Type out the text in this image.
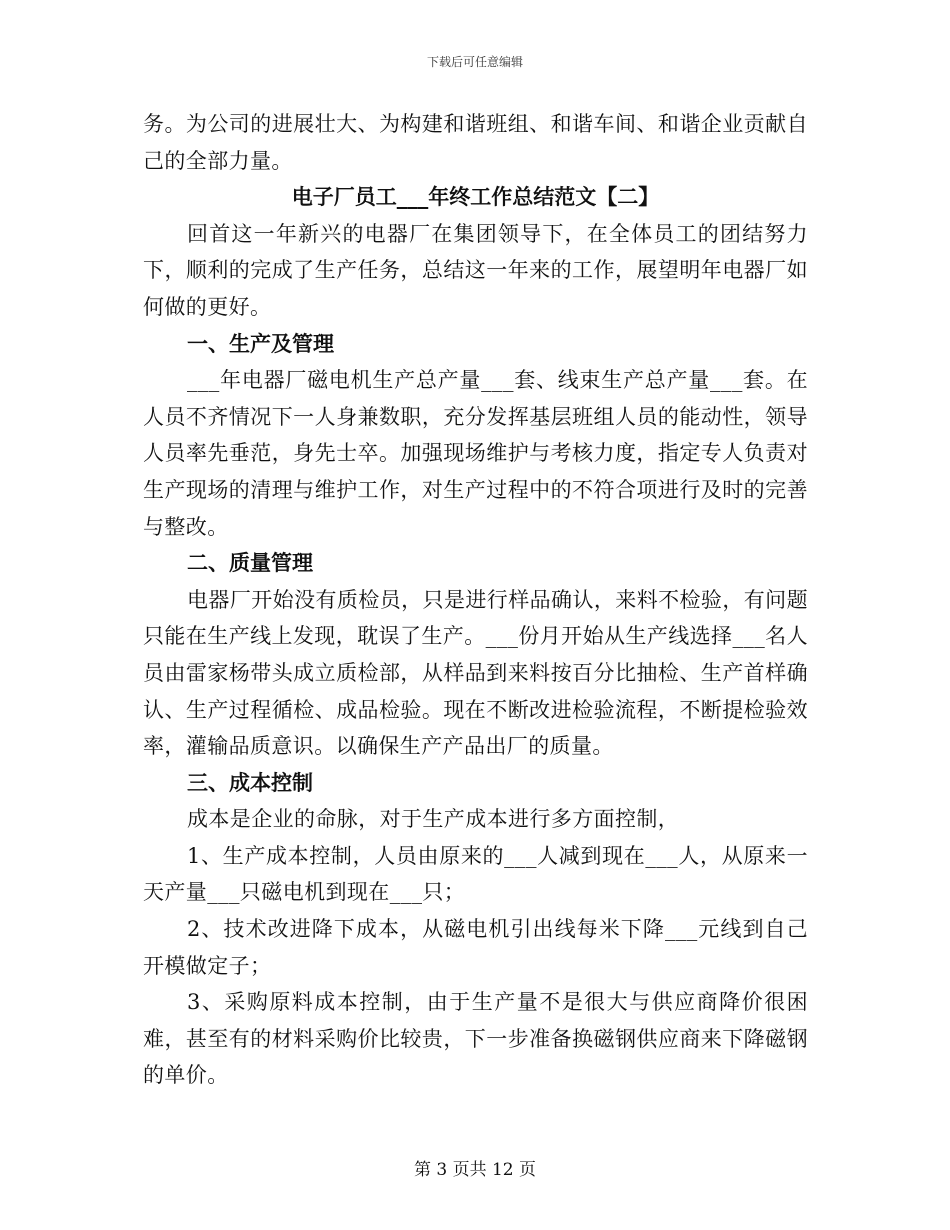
下载后可任意编辑

务。为公司的进展壮大、为构建和谐班组、和谐车间、和谐企业贡献自己的全部力量。

电子厂员工___年终工作总结范文【二】

回首这一年新兴的电器厂在集团领导下，在全体员工的团结努力下，顺利的完成了生产任务，总结这一年来的工作，展望明年电器厂如何做的更好。

一、生产及管理

___年电器厂磁电机生产总产量___套、线束生产总产量___套。在人员不齐情况下一人身兼数职，充分发挥基层班组人员的能动性，领导人员率先垂范，身先士卒。加强现场维护与考核力度，指定专人负责对生产现场的清理与维护工作，对生产过程中的不符合项进行及时的完善与整改。

二、质量管理

电器厂开始没有质检员，只是进行样品确认，来料不检验，有问题只能在生产线上发现，耽误了生产。___份月开始从生产线选择___名人员由雷家杨带头成立质检部，从样品到来料按百分比抽检、生产首样确认、生产过程循检、成品检验。现在不断改进检验流程，不断提检验效率，灌输品质意识。以确保生产产品出厂的质量。

三、成本控制

成本是企业的命脉，对于生产成本进行多方面控制，

1、生产成本控制，人员由原来的___人减到现在___人，从原来一天产量___只磁电机到现在___只；

2、技术改进降下成本，从磁电机引出线每米下降___元线到自己开模做定子；

3、采购原料成本控制，由于生产量不是很大与供应商降价很困难，甚至有的材料采购价比较贵，下一步准备换磁钢供应商来下降磁钢的单价。

第 3 页共 12 页
